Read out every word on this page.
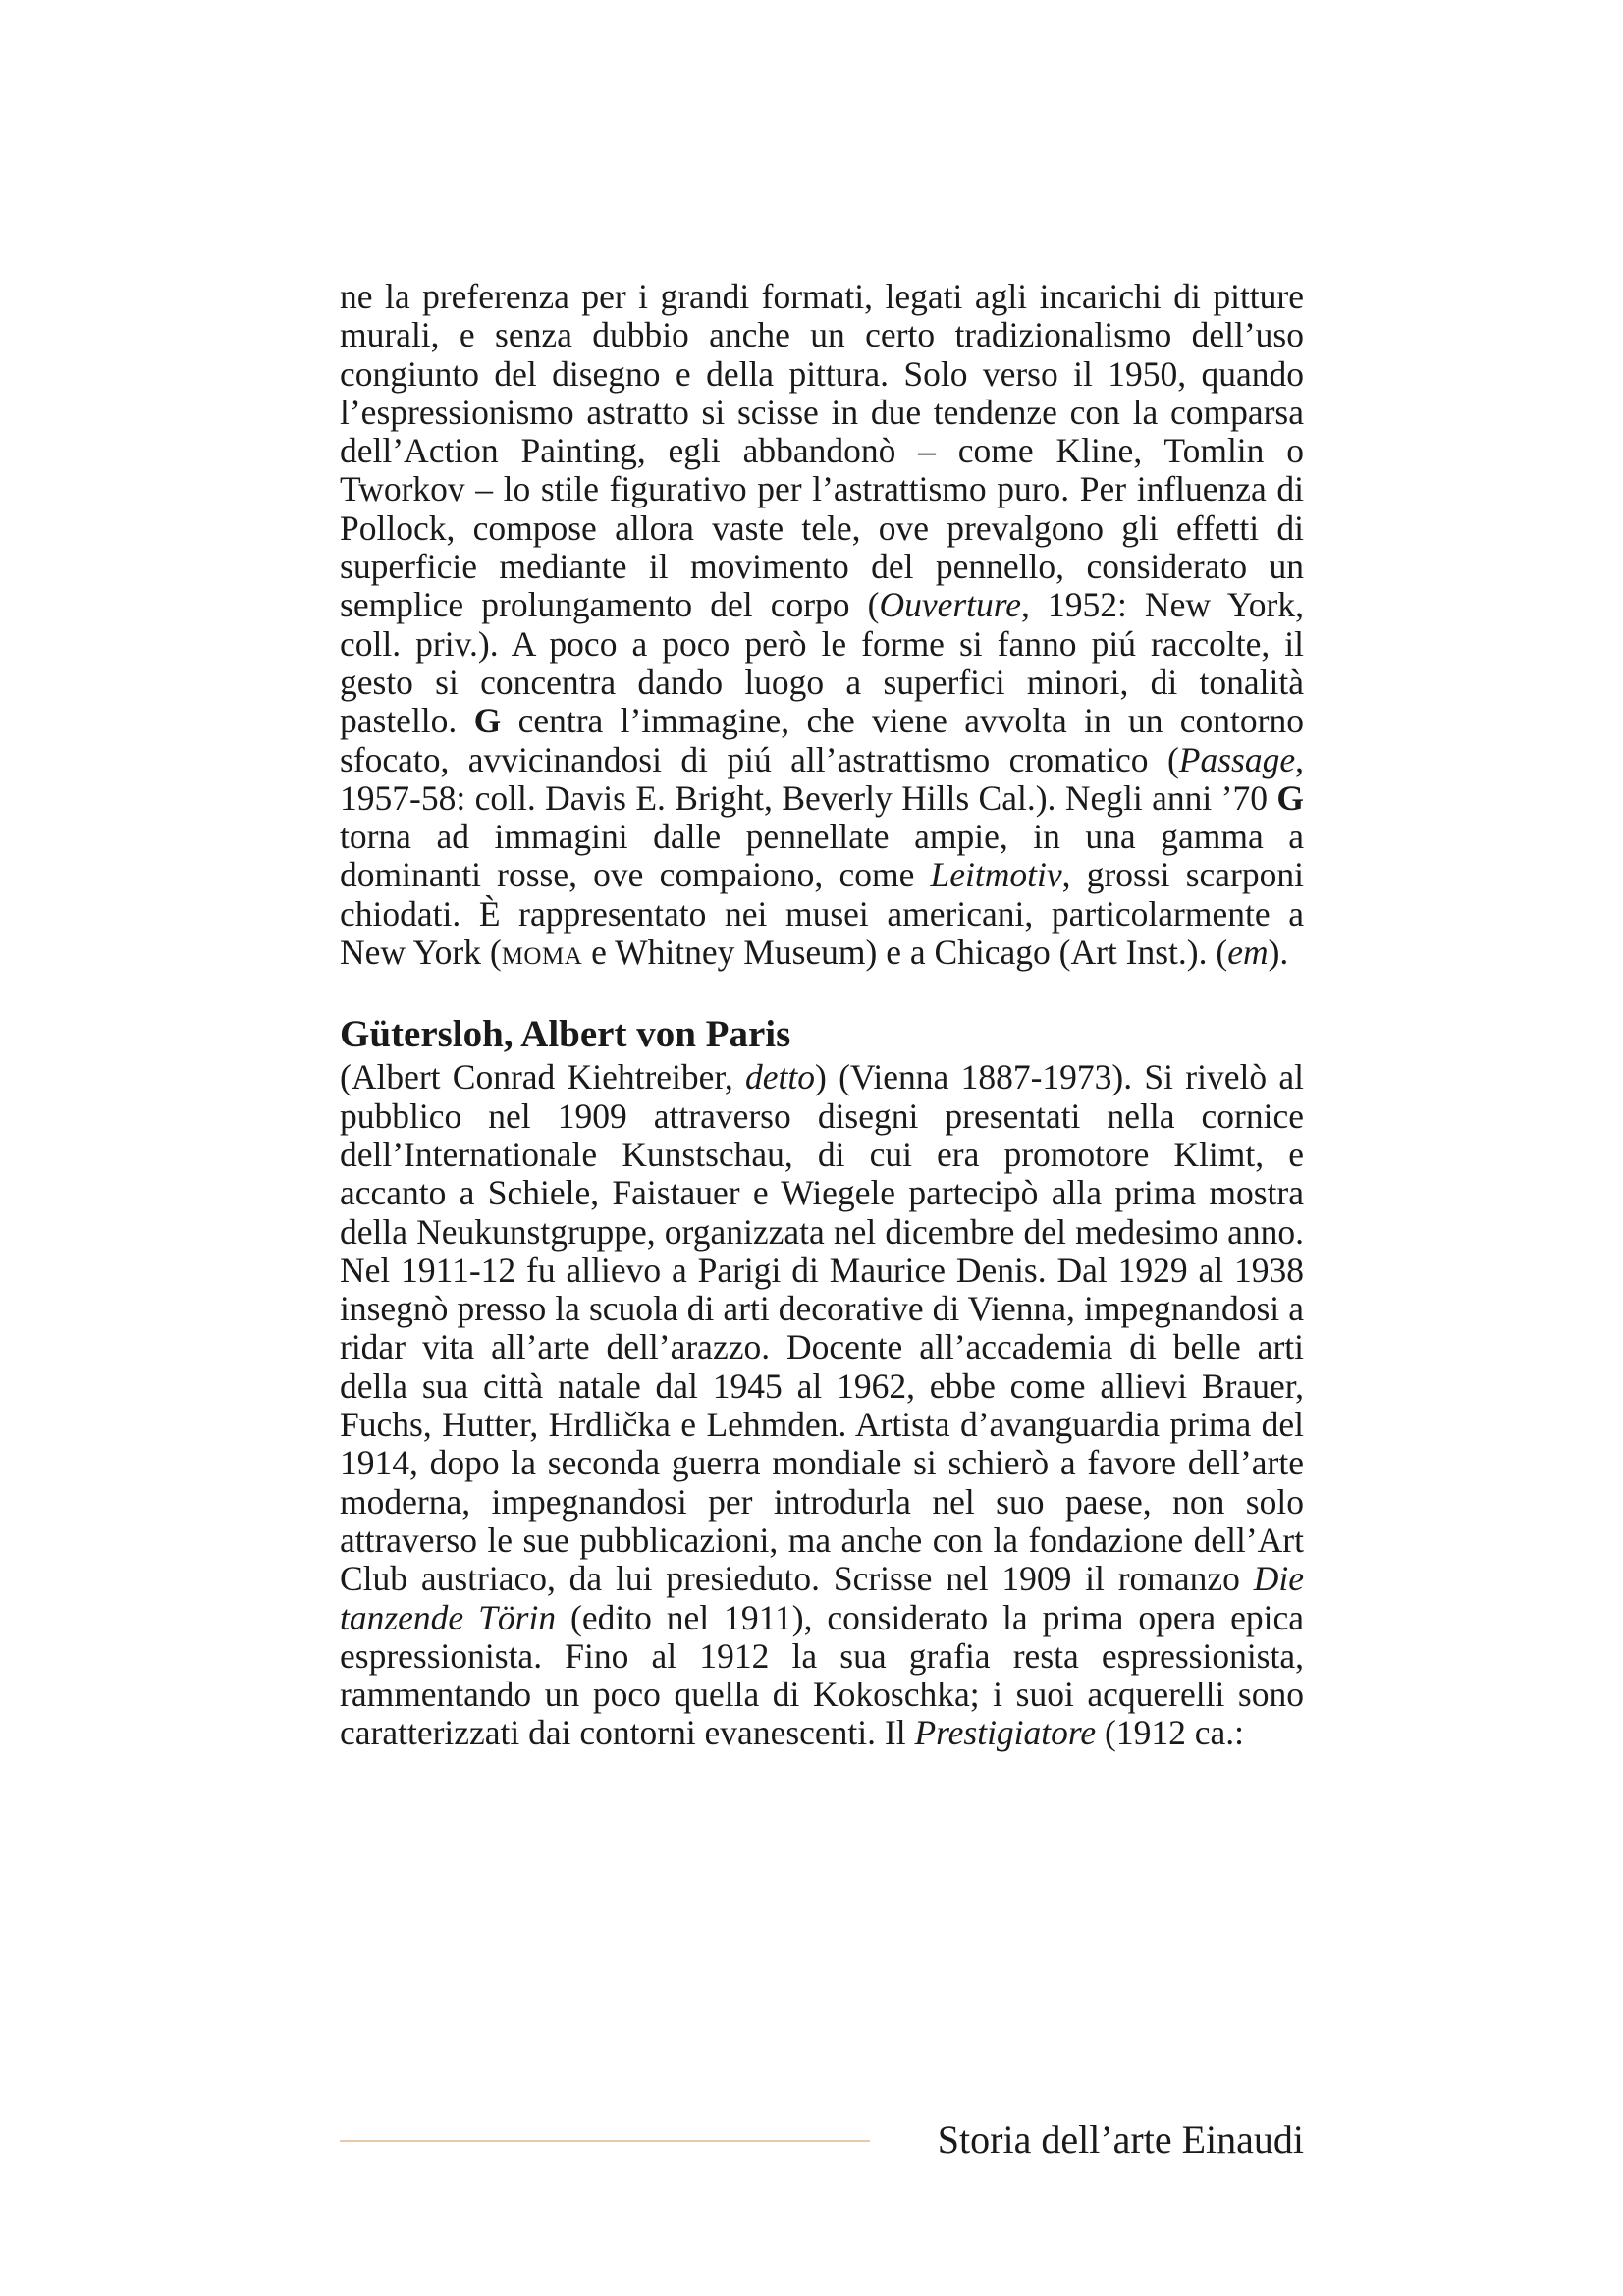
ne la preferenza per i grandi formati, legati agli incarichi di pitture murali, e senza dubbio anche un certo tradizionalismo dell’uso congiunto del disegno e della pittura. Solo verso il 1950, quando l’espressionismo astratto si scisse in due tendenze con la comparsa dell’Action Painting, egli abbandonò – come Kline, Tomlin o Tworkov – lo stile figurativo per l’astrattismo puro. Per influenza di Pollock, compose allora vaste tele, ove prevalgono gli effetti di superficie mediante il movimento del pennello, considerato un semplice prolungamento del corpo (Ouverture, 1952: New York, coll. priv.). A poco a poco però le forme si fanno piú raccolte, il gesto si concentra dando luogo a superfici minori, di tonalità pastello. G centra l’immagine, che viene avvolta in un contorno sfocato, avvicinandosi di piú all’astrattismo cromatico (Passage, 1957-58: coll. Davis E. Bright, Beverly Hills Cal.). Negli anni ’70 G torna ad immagini dalle pennellate ampie, in una gamma a dominanti rosse, ove compaiono, come Leitmotiv, grossi scarponi chiodati. È rappresentato nei musei americani, particolarmente a New York (moma e Whitney Museum) e a Chicago (Art Inst.). (em).

Gütersloh, Albert von Paris

(Albert Conrad Kiehtreiber, detto) (Vienna 1887-1973). Si rivelò al pubblico nel 1909 attraverso disegni presentati nella cornice dell’Internationale Kunstschau, di cui era promotore Klimt, e accanto a Schiele, Faistauer e Wiegele partecipò alla prima mostra della Neukunstgruppe, organizzata nel dicembre del medesimo anno. Nel 1911-12 fu allievo a Parigi di Maurice Denis. Dal 1929 al 1938 insegnò presso la scuola di arti decorative di Vienna, impegnandosi a ridar vita all’arte dell’arazzo. Docente all’accademia di belle arti della sua città natale dal 1945 al 1962, ebbe come allievi Brauer, Fuchs, Hutter, Hrdlička e Lehmden. Artista d’avanguardia prima del 1914, dopo la seconda guerra mondiale si schierò a favore dell’arte moderna, impegnandosi per introdurla nel suo paese, non solo attraverso le sue pubblicazioni, ma anche con la fondazione dell’Art Club austriaco, da lui presieduto. Scrisse nel 1909 il romanzo Die tanzende Törin (edito nel 1911), considerato la prima opera epica espressionista. Fino al 1912 la sua grafia resta espressionista, rammentando un poco quella di Kokoschka; i suoi acquerelli sono caratterizzati dai contorni evanescenti. Il Prestigiatore (1912 ca.:

Storia dell’arte Einaudi
